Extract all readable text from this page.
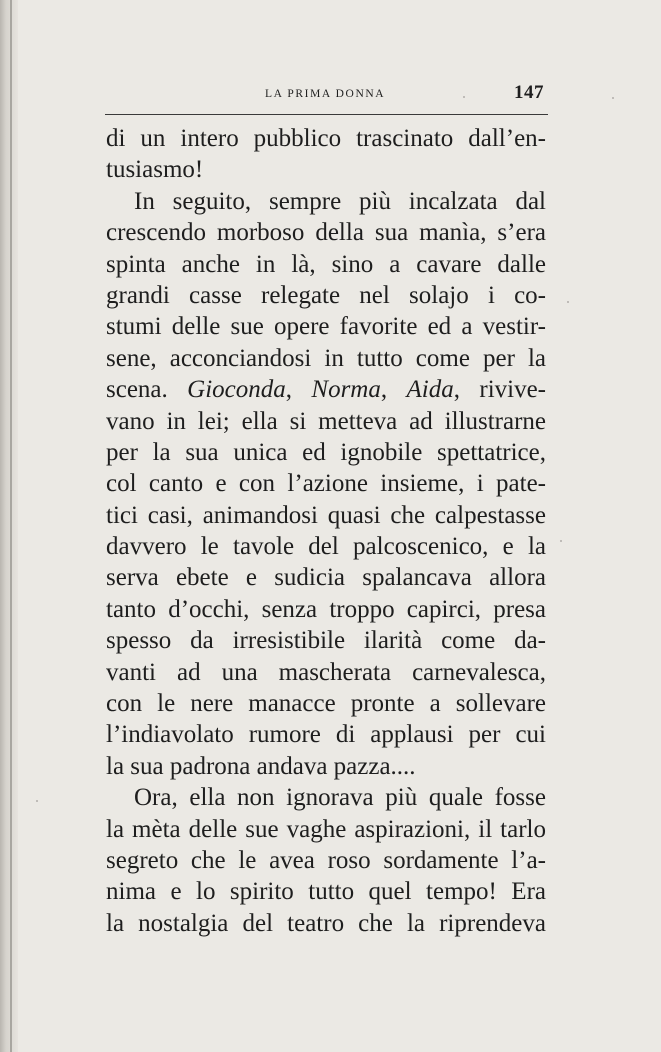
LA PRIMA DONNA	147
di un intero pubblico trascinato dall’en-
tusiasmo!
In seguito, sempre più incalzata dal
crescendo morboso della sua manìa, s’era
spinta anche in là, sino a cavare dalle
grandi casse relegate nel solajo i co-
stumi delle sue opere favorite ed a vestir-
sene, acconciandosi in tutto come per la
scena. Gioconda, Norma, Aida, rivive-
vano in lei; ella si metteva ad illustrarne
per la sua unica ed ignobile spettatrice,
col canto e con l’azione insieme, i pate-
tici casi, animandosi quasi che calpestasse
davvero le tavole del palcoscenico, e la
serva ebete e sudicia spalancava allora
tanto d’occhi, senza troppo capirci, presa
spesso da irresistibile ilarità come da-
vanti ad una mascherata carnevalesca,
con le nere manacce pronte a sollevare
l’indiavolato rumore di applausi per cui
la sua padrona andava pazza....
Ora, ella non ignorava più quale fosse
la mèta delle sue vaghe aspirazioni, il tarlo
segreto che le avea roso sordamente l’a-
nima e lo spirito tutto quel tempo! Era
la nostalgia del teatro che la riprendeva
